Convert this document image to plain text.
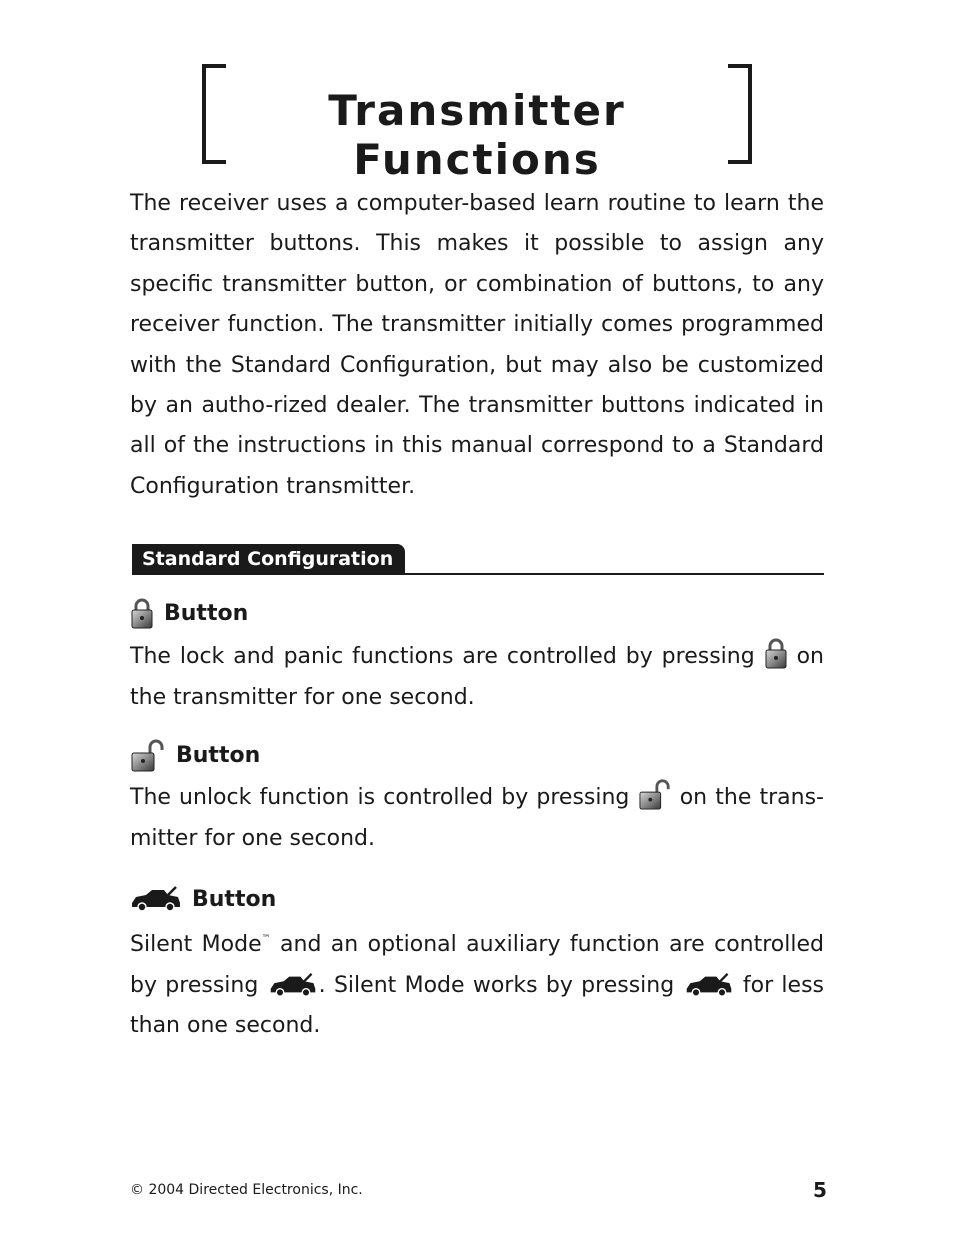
Transmitter Functions

The receiver uses a computer-based learn routine to learn the transmitter buttons. This makes it possible to assign any specific transmitter button, or combination of buttons, to any receiver function. The transmitter initially comes programmed with the Standard Configuration, but may also be customized by an autho-rized dealer. The transmitter buttons indicated in all of the instructions in this manual correspond to a Standard Configuration transmitter.

Standard Configuration
Button

The lock and panic functions are controlled by pressing on the transmitter for one second.

Button

The unlock function is controlled by pressing on the trans-mitter for one second.

Button

Silent Mode™ and an optional auxiliary function are controlled by pressing	. Silent Mode works by pressing	for less than one second.

© 2004 Directed Electronics, Inc.	5
